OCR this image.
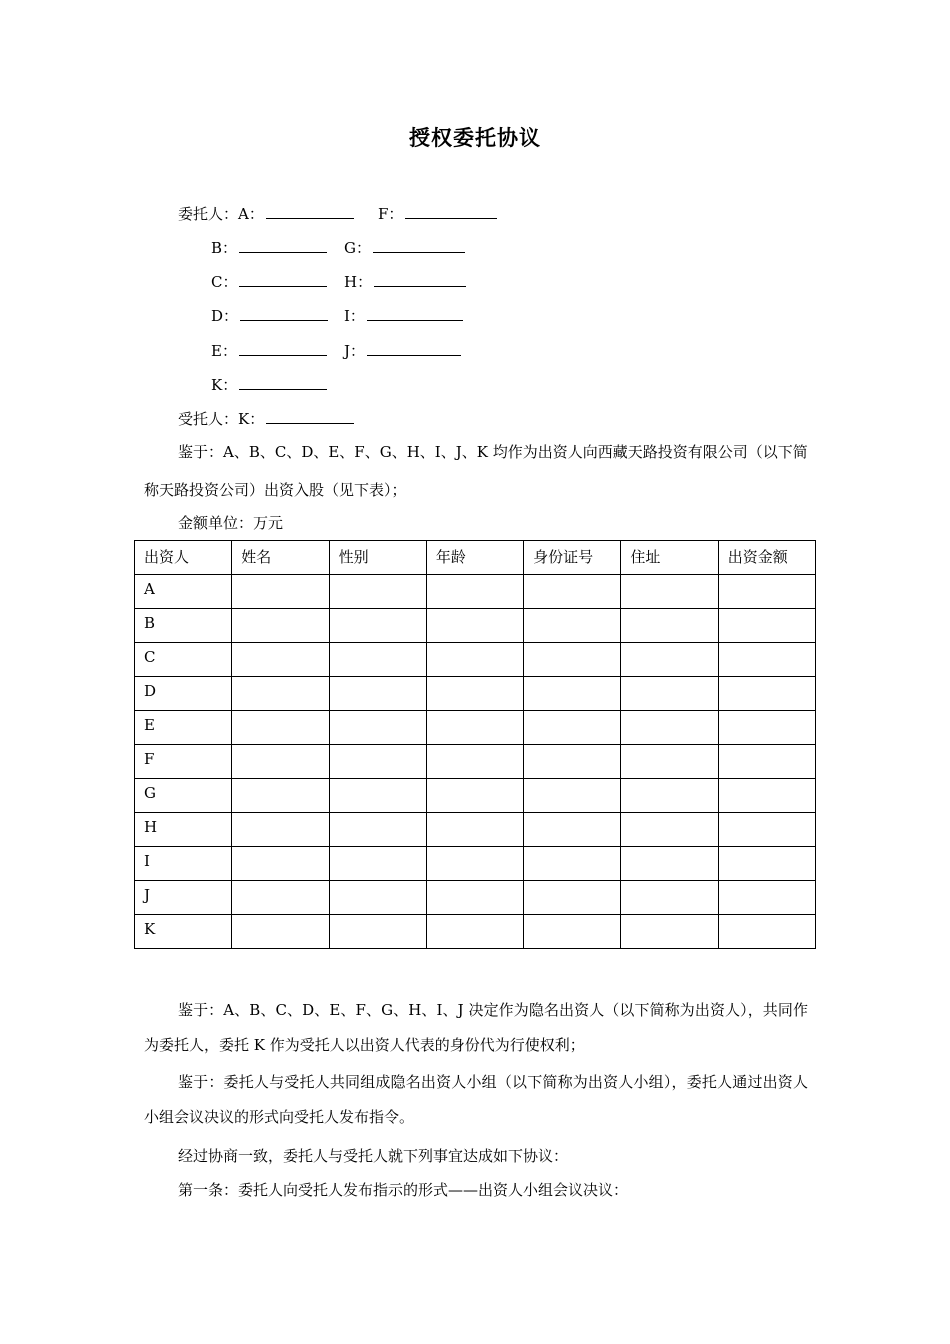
授权委托协议
委托人：A：	F：
B：	G：
C：	H：
D：	I：
E：	J：
K：
受托人：K：
鉴于：A、B、C、D、E、F、G、H、I、J、K 均作为出资人向西藏天路投资有限公司（以下简
称天路投资公司）出资入股（见下表）；
金额单位：万元
出资人	姓名	性别	年龄	身份证号	住址	出资金额
A						
B						
C						
D						
E						
F						
G						
H						
I						
J						
K						
鉴于：A、B、C、D、E、F、G、H、I、J 决定作为隐名出资人（以下简称为出资人），共同作为委托人，委托 K 作为受托人以出资人代表的身份代为行使权利；
鉴于：委托人与受托人共同组成隐名出资人小组（以下简称为出资人小组），委托人通过出资人小组会议决议的形式向受托人发布指令。
经过协商一致，委托人与受托人就下列事宜达成如下协议：
第一条：委托人向受托人发布指示的形式——出资人小组会议决议：
